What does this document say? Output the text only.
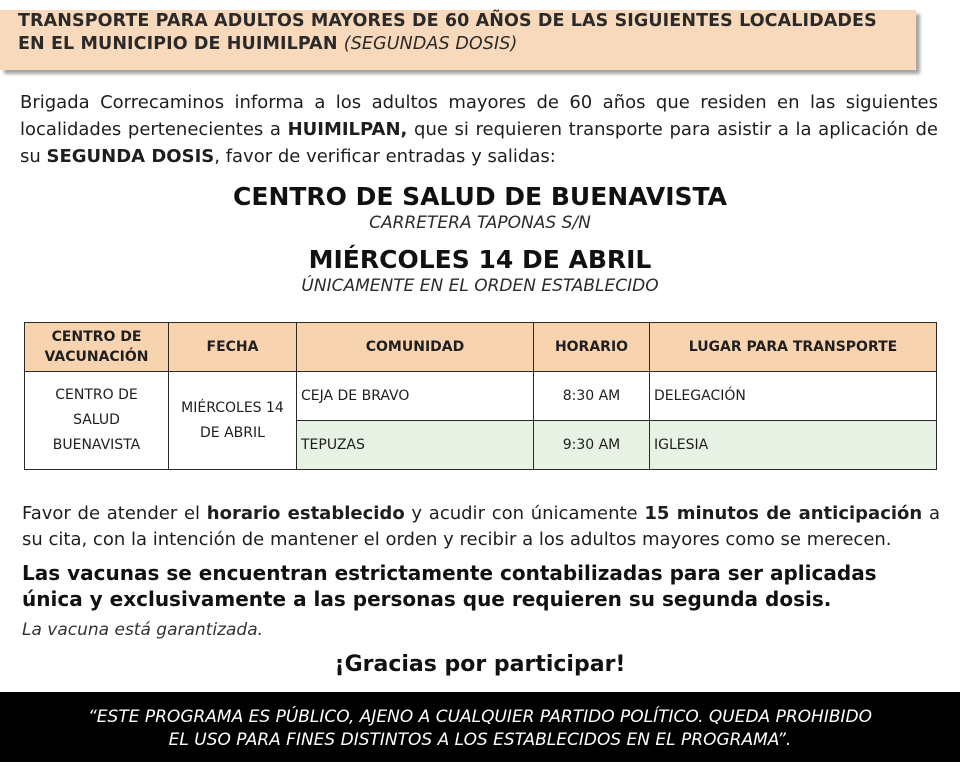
TRANSPORTE PARA ADULTOS MAYORES DE 60 AÑOS DE LAS SIGUIENTES LOCALIDADES
EN EL MUNICIPIO DE HUIMILPAN (SEGUNDAS DOSIS)
Brigada Correcaminos informa a los adultos mayores de 60 años que residen en las siguientes localidades pertenecientes a HUIMILPAN, que si requieren transporte para asistir a la aplicación de su SEGUNDA DOSIS, favor de verificar entradas y salidas:
CENTRO DE SALUD DE BUENAVISTA
CARRETERA TAPONAS S/N
MIÉRCOLES 14 DE ABRIL
ÚNICAMENTE EN EL ORDEN ESTABLECIDO
CENTRO DE VACUNACIÓN	FECHA	COMUNIDAD	HORARIO	LUGAR PARA TRANSPORTE

CENTRO DE SALUD BUENAVISTA	MIÉRCOLES 14 DE ABRIL	CEJA DE BRAVO	8:30 AM	DELEGACIÓN
		TEPUZAS	9:30 AM	IGLESIA
Favor de atender el horario establecido y acudir con únicamente 15 minutos de anticipación a su cita, con la intención de mantener el orden y recibir a los adultos mayores como se merecen.
Las vacunas se encuentran estrictamente contabilizadas para ser aplicadas única y exclusivamente a las personas que requieren su segunda dosis.
La vacuna está garantizada.
¡Gracias por participar!
“ESTE PROGRAMA ES PÚBLICO, AJENO A CUALQUIER PARTIDO POLÍTICO. QUEDA PROHIBIDO
EL USO PARA FINES DISTINTOS A LOS ESTABLECIDOS EN EL PROGRAMA”.
